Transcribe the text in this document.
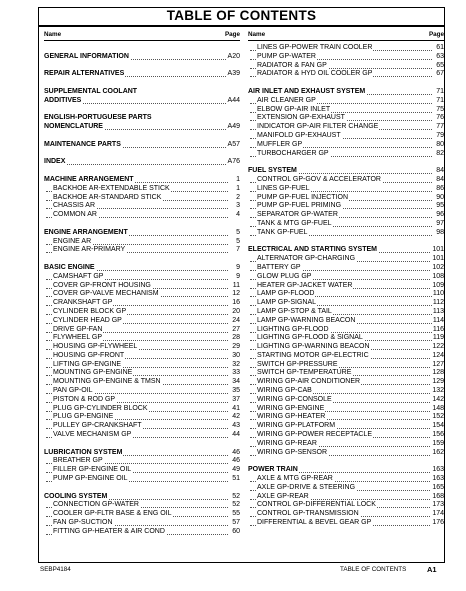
TABLE OF CONTENTS
Name	Page
GENERAL INFORMATION	A20
REPAIR ALTERNATIVES	A39
SUPPLEMENTAL COOLANT
ADDITIVES	A44
ENGLISH-PORTUGUESE PARTS
NOMENCLATURE	A49
MAINTENANCE PARTS	A57
INDEX	A76
MACHINE ARRANGEMENT	1
BACKHOE AR-EXTENDABLE STICK	1
BACKHOE AR-STANDARD STICK	2
CHASSIS AR	3
COMMON AR	4
ENGINE ARRANGEMENT	5
ENGINE AR	5
ENGINE AR-PRIMARY	7
BASIC ENGINE	9
CAMSHAFT GP	9
COVER GP-FRONT HOUSING	11
COVER GP-VALVE MECHANISM	12
CRANKSHAFT GP	16
CYLINDER BLOCK GP	20
CYLINDER HEAD GP	24
DRIVE GP-FAN	27
FLYWHEEL GP	28
HOUSING GP-FLYWHEEL	29
HOUSING GP-FRONT	30
LIFTING GP-ENGINE	32
MOUNTING GP-ENGINE	33
MOUNTING GP-ENGINE & TMSN	34
PAN GP-OIL	35
PISTON & ROD GP	37
PLUG GP-CYLINDER BLOCK	41
PLUG GP-ENGINE	42
PULLEY GP-CRANKSHAFT	43
VALVE MECHANISM GP	44
LUBRICATION SYSTEM	46
BREATHER GP	46
FILLER GP-ENGINE OIL	49
PUMP GP-ENGINE OIL	51
COOLING SYSTEM	52
CONNECTION GP-WATER	52
COOLER GP-FLTR BASE & ENG OIL	55
FAN GP-SUCTION	57
FITTING GP-HEATER & AIR COND	60
Name	Page
LINES GP-POWER TRAIN COOLER	61
PUMP GP-WATER	63
RADIATOR & FAN GP	65
RADIATOR & HYD OIL COOLER GP	67
AIR INLET AND EXHAUST SYSTEM	71
AIR CLEANER GP	71
ELBOW GP-AIR INLET	75
EXTENSION GP-EXHAUST	76
INDICATOR GP-AIR FILTER CHANGE	77
MANIFOLD GP-EXHAUST	79
MUFFLER GP	80
TURBOCHARGER GP	82
FUEL SYSTEM	84
CONTROL GP-GOV & ACCELERATOR	84
LINES GP-FUEL	86
PUMP GP-FUEL INJECTION	90
PUMP GP-FUEL PRIMING	95
SEPARATOR GP-WATER	96
TANK & MTG GP-FUEL	97
TANK GP-FUEL	98
ELECTRICAL AND STARTING SYSTEM	101
ALTERNATOR GP-CHARGING	101
BATTERY GP	102
GLOW PLUG GP	108
HEATER GP-JACKET WATER	109
LAMP GP-FLOOD	110
LAMP GP-SIGNAL	112
LAMP GP-STOP & TAIL	113
LAMP GP-WARNING BEACON	114
LIGHTING GP-FLOOD	116
LIGHTING GP-FLOOD & SIGNAL	119
LIGHTING GP-WARNING BEACON	122
STARTING MOTOR GP-ELECTRIC	124
SWITCH GP-PRESSURE	127
SWITCH GP-TEMPERATURE	128
WIRING GP-AIR CONDITIONER	129
WIRING GP-CAB	132
WIRING GP-CONSOLE	142
WIRING GP-ENGINE	148
WIRING GP-HEATER	152
WIRING GP-PLATFORM	154
WIRING GP-POWER RECEPTACLE	156
WIRING GP-REAR	159
WIRING GP-SENSOR	162
POWER TRAIN	163
AXLE & MTG GP-REAR	163
AXLE GP-DRIVE & STEERING	165
AXLE GP-REAR	168
CONTROL GP-DIFFERENTIAL LOCK	173
CONTROL GP-TRANSMISSION	174
DIFFERENTIAL & BEVEL GEAR GP	176
SEBP4184	TABLE OF CONTENTS	A1
